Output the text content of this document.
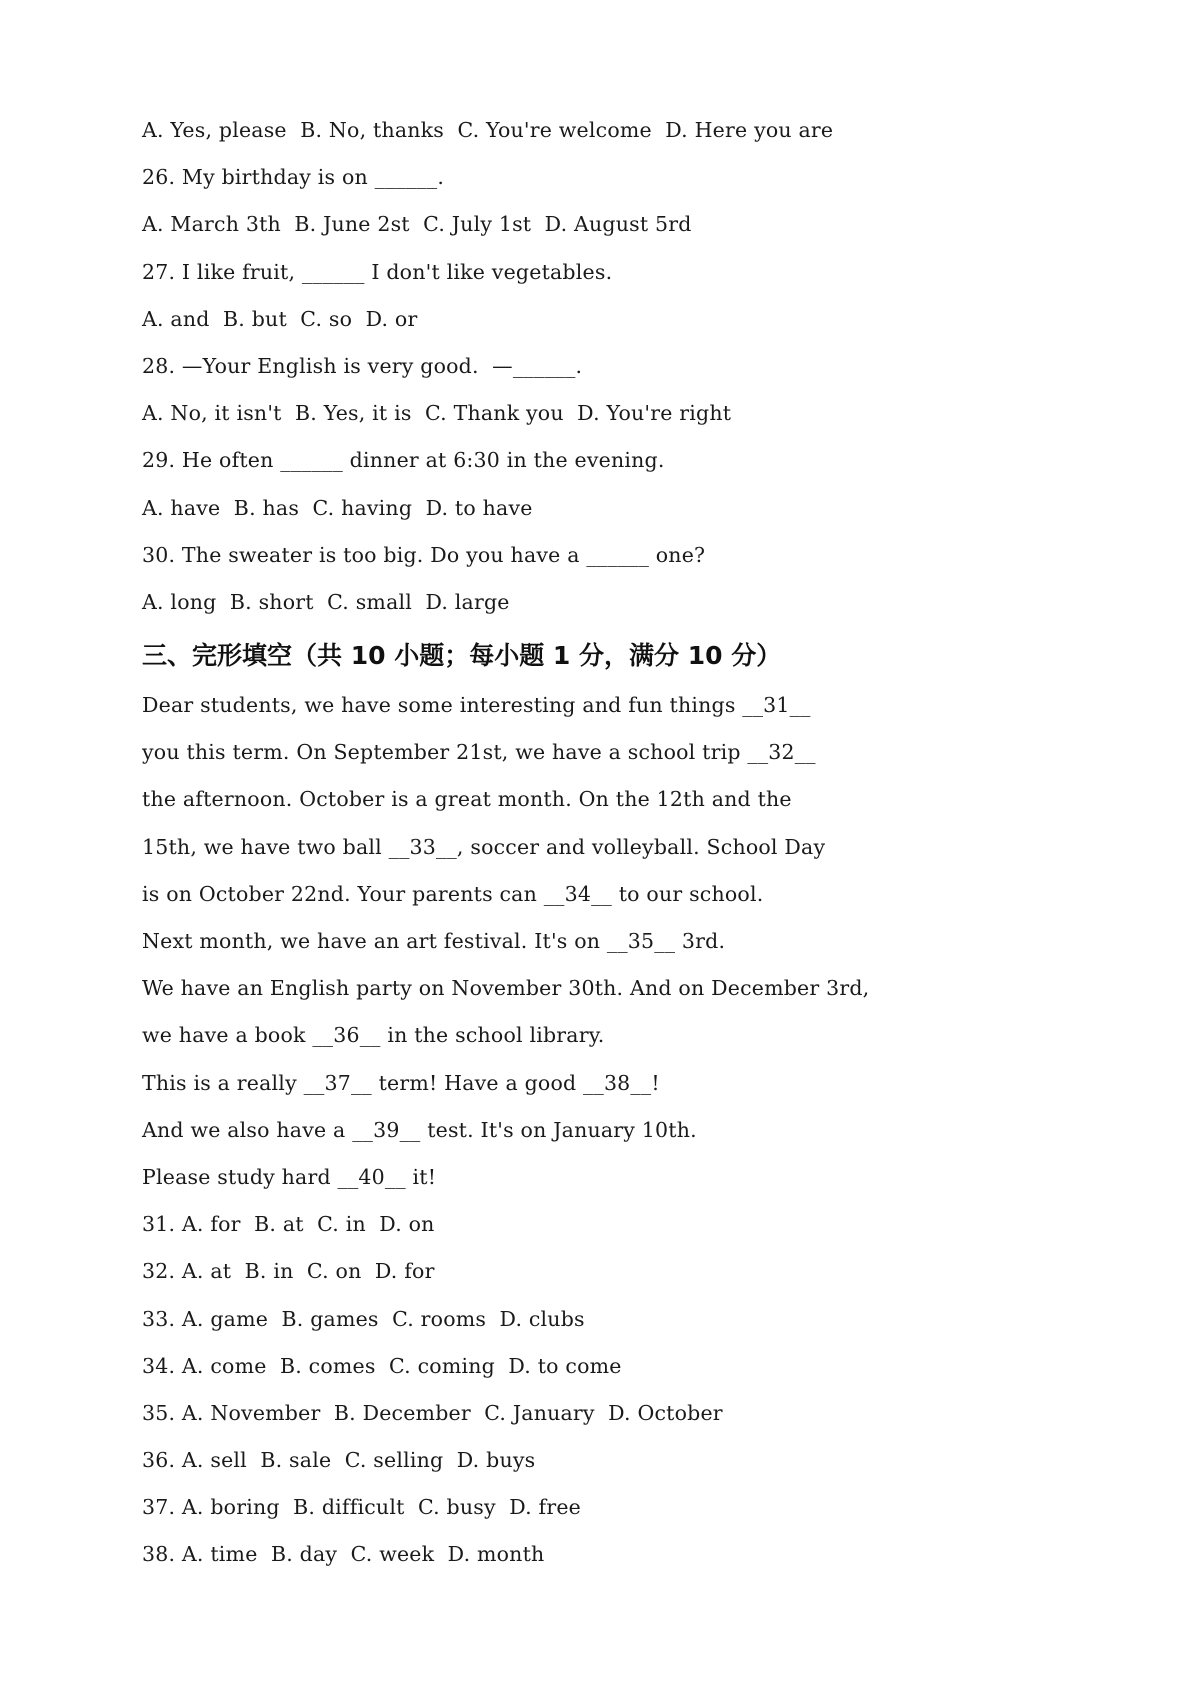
A. Yes, please  B. No, thanks  C. You're welcome  D. Here you are
26. My birthday is on ______.
A. March 3th  B. June 2st  C. July 1st  D. August 5rd
27. I like fruit, ______ I don't like vegetables.
A. and  B. but  C. so  D. or
28. —Your English is very good.  —______.
A. No, it isn't  B. Yes, it is  C. Thank you  D. You're right
29. He often ______ dinner at 6:30 in the evening.
A. have  B. has  C. having  D. to have
30. The sweater is too big. Do you have a ______ one?
A. long  B. short  C. small  D. large
三、完形填空（共 10 小题；每小题 1 分，满分 10 分）
Dear students, we have some interesting and fun things __31__
you this term. On September 21st, we have a school trip __32__
the afternoon. October is a great month. On the 12th and the
15th, we have two ball __33__, soccer and volleyball. School Day
is on October 22nd. Your parents can __34__ to our school.
Next month, we have an art festival. It's on __35__ 3rd.
We have an English party on November 30th. And on December 3rd,
we have a book __36__ in the school library.
This is a really __37__ term! Have a good __38__!
And we also have a __39__ test. It's on January 10th.
Please study hard __40__ it!
31. A. for  B. at  C. in  D. on
32. A. at  B. in  C. on  D. for
33. A. game  B. games  C. rooms  D. clubs
34. A. come  B. comes  C. coming  D. to come
35. A. November  B. December  C. January  D. October
36. A. sell  B. sale  C. selling  D. buys
37. A. boring  B. difficult  C. busy  D. free
38. A. time  B. day  C. week  D. month
